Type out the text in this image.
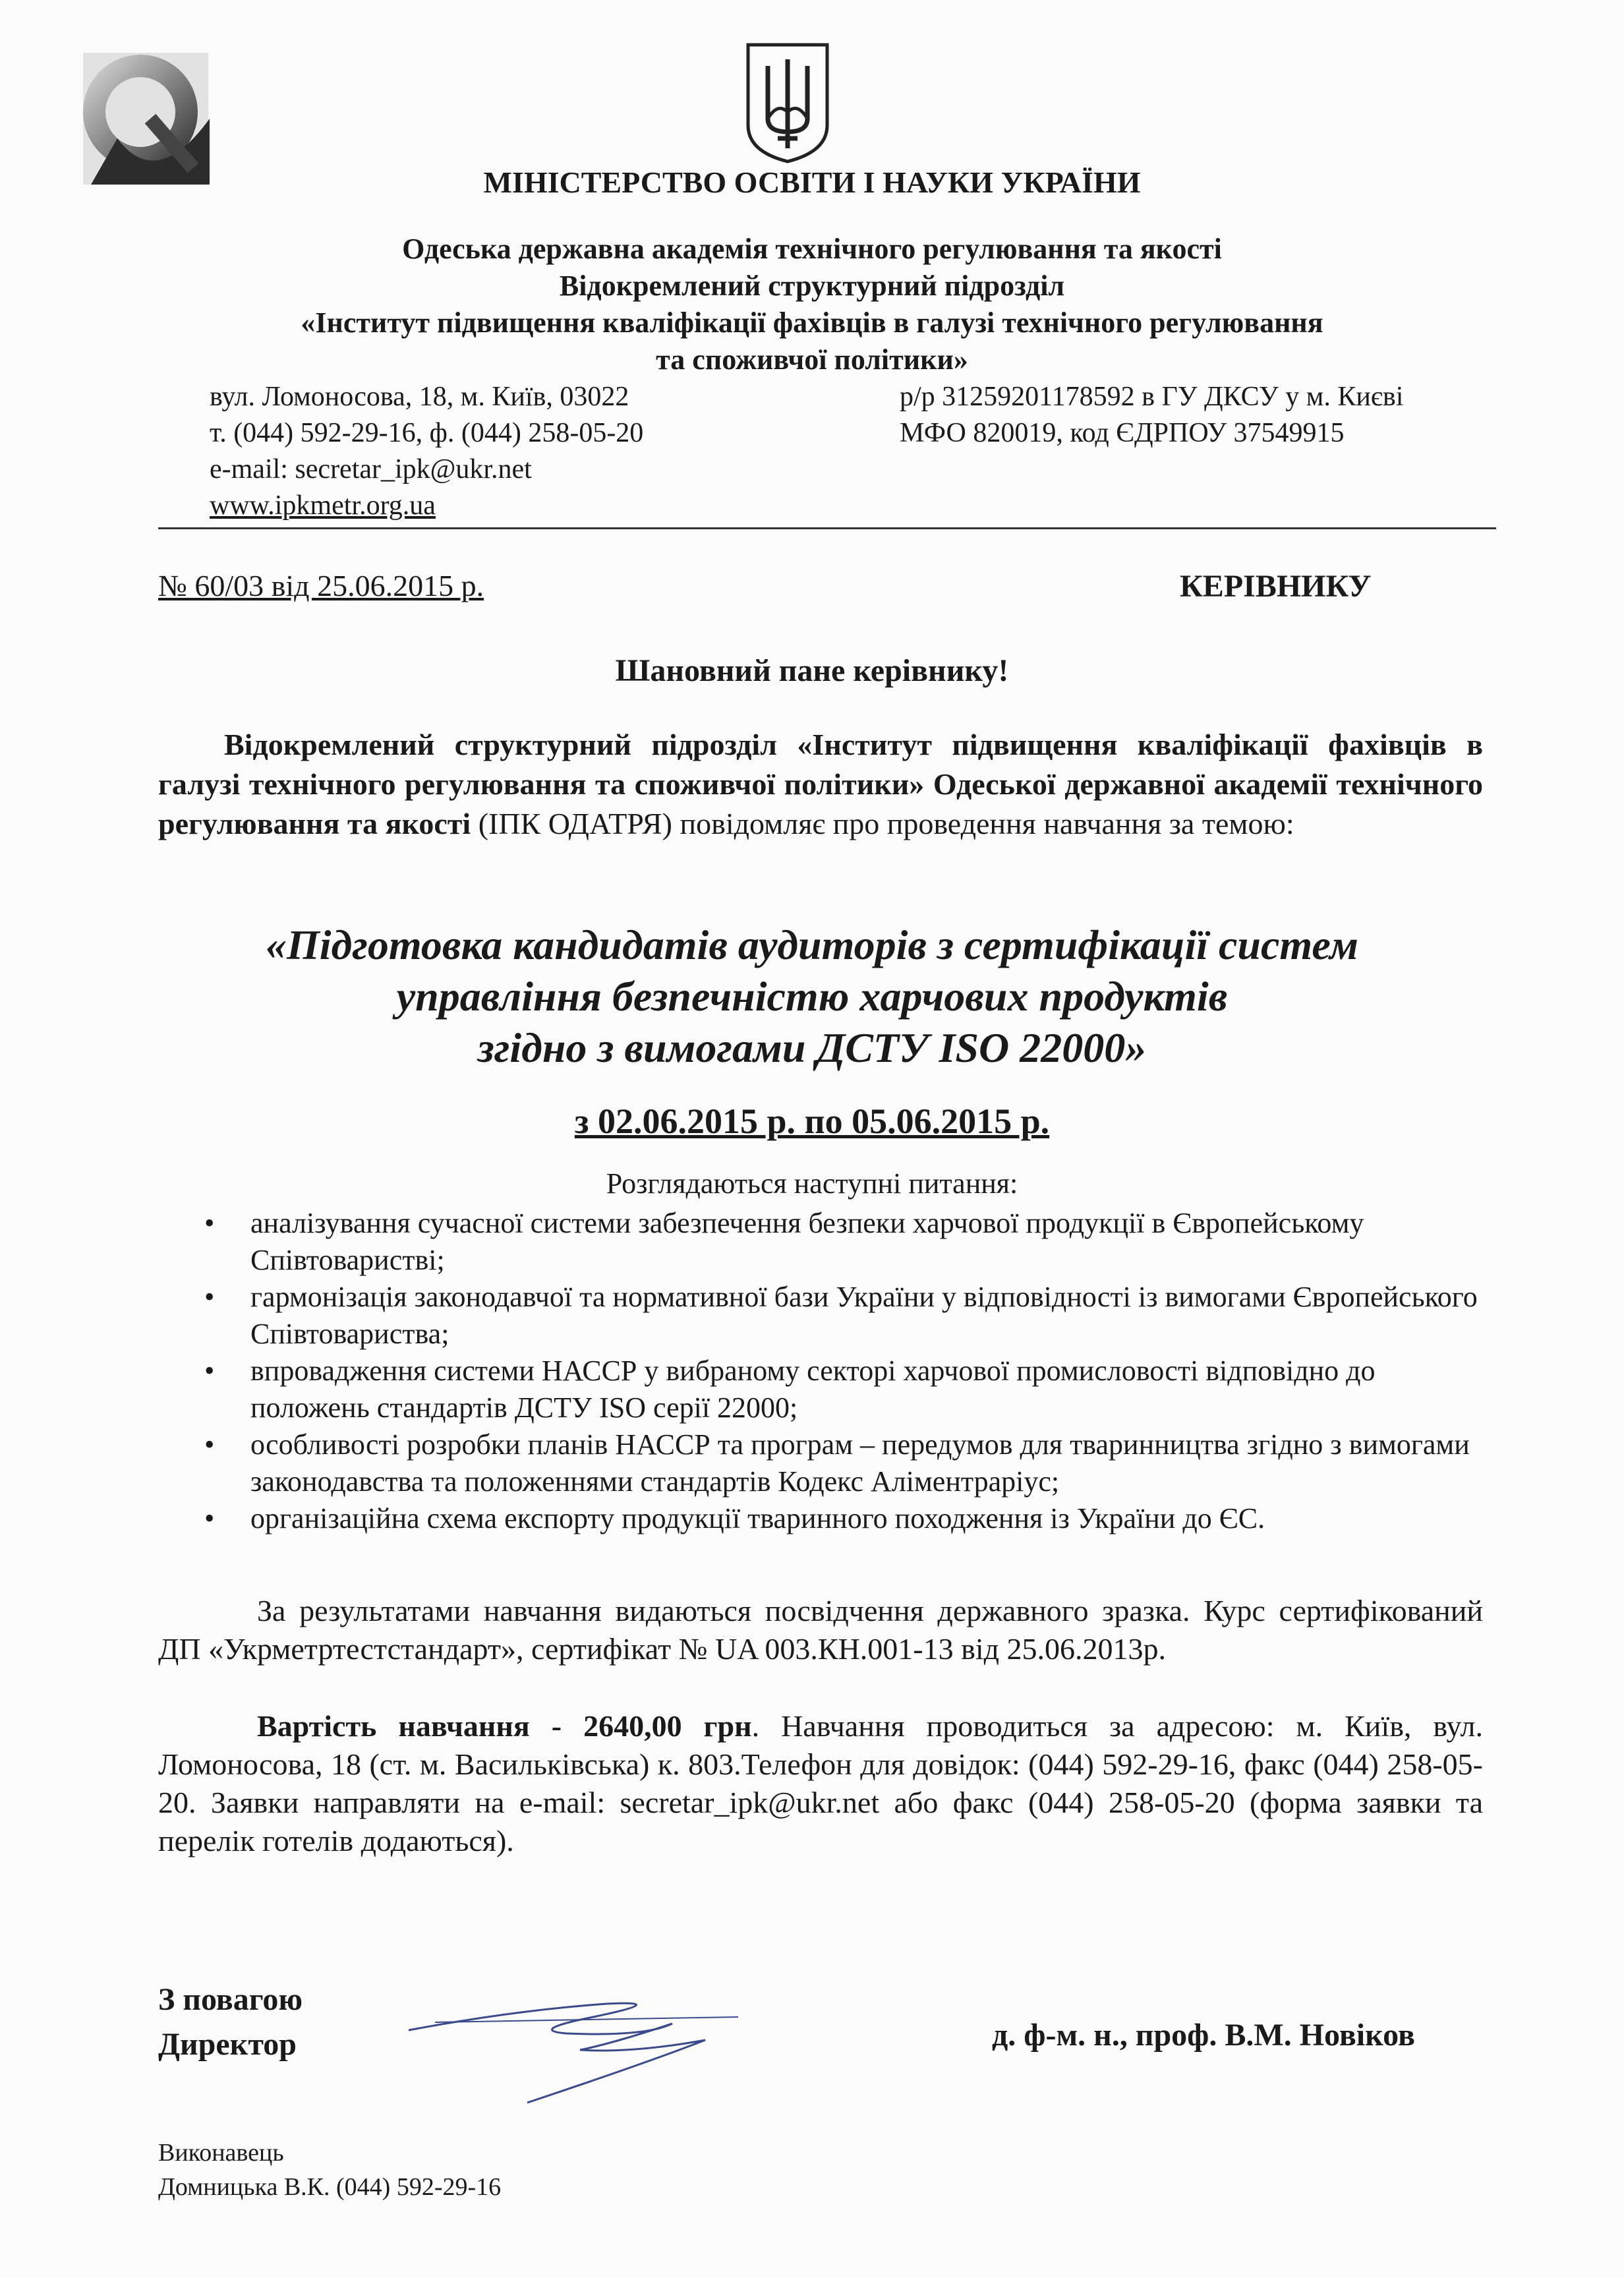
МІНІСТЕРСТВО ОСВІТИ І НАУКИ УКРАЇНИ
Одеська державна академія технічного регулювання та якості
Відокремлений структурний підрозділ
«Інститут підвищення кваліфікації фахівців в галузі технічного регулювання
та споживчої політики»
вул. Ломоносова, 18, м. Київ, 03022
т. (044) 592-29-16, ф. (044) 258-05-20
e-mail: secretar_ipk@ukr.net
www.ipkmetr.org.ua
р/р 31259201178592 в ГУ ДКСУ у м. Києві
МФО 820019, код ЄДРПОУ 37549915
№ 60/03 від 25.06.2015 р.	КЕРІВНИКУ
Шановний пане керівнику!
Відокремлений структурний підрозділ «Інститут підвищення кваліфікації фахівців в галузі технічного регулювання та споживчої політики» Одеської державної академії технічного регулювання та якості (ІПК ОДАТРЯ) повідомляє про проведення навчання за темою:
«Підготовка кандидатів аудиторів з сертифікації систем
управління безпечністю харчових продуктів
згідно з вимогами ДСТУ ISO 22000»
з 02.06.2015 р. по 05.06.2015 р.
Розглядаються наступні питання:
• аналізування сучасної системи забезпечення безпеки харчової продукції в Європейському Співтоваристві;
• гармонізація законодавчої та нормативної бази України у відповідності із вимогами Європейського Співтовариства;
• впровадження системи НАССР у вибраному секторі харчової промисловості відповідно до положень стандартів ДСТУ ISO серії 22000;
• особливості розробки планів НАССР та програм – передумов для тваринництва згідно з вимогами законодавства та положеннями стандартів Кодекс Аліментраріус;
• організаційна схема експорту продукції тваринного походження із України до ЄС.
За результатами навчання видаються посвідчення державного зразка. Курс сертифікований ДП «Укрметртестстандарт», сертифікат № UA 003.КН.001-13 від 25.06.2013р.
Вартість навчання - 2640,00 грн. Навчання проводиться за адресою: м. Київ, вул. Ломоносова, 18 (ст. м. Васильківська) к. 803.Телефон для довідок: (044) 592-29-16, факс (044) 258-05-20. Заявки направляти на e-mail: secretar_ipk@ukr.net або факс (044) 258-05-20 (форма заявки та перелік готелів додаються).
З повагою
Директор	д. ф-м. н., проф. В.М. Новіков
Виконавець
Домницька В.К. (044) 592-29-16
